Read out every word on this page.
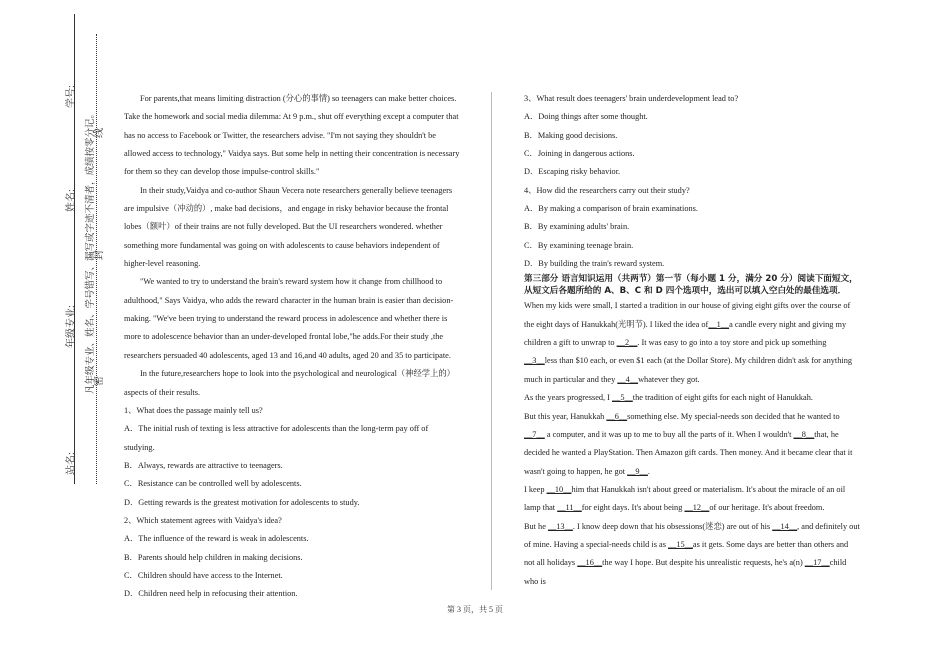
学号:
姓名:
年级专业:
站名:
凡年级专业、姓名、学号错写、漏写或字迹不清者，成绩按零分记。
密
封
线

For parents,that means limiting distraction (分心的事情) so teenagers can make better choices. Take the homework and social media dilemma: At 9 p.m., shut off everything except a computer that has no access to Facebook or Twitter, the researchers advise. "I'm not saying they shouldn't be allowed access to technology," Vaidya says. But some help in netting their concentration is necessary for them so they can develop those impulse-control skills."

In their study,Vaidya and co-author Shaun Vecera note researchers generally believe teenagers are impulsive（冲动的）, make bad decisions，and engage in risky behavior because the frontal lobes（额叶）of their trains are not fully developed. But the UI researchers wondered. whether something more fundamental was going on with adolescents to cause behaviors independent of higher-level reasoning.

"We wanted to try to understand the brain's reward system how it change from chillhood to adulthood," Says Vaidya, who adds the reward character in the human brain is easier than decision-making. "We've been trying to understand the reward process in adolescence and whether there is more to adolescence behavior than an under-developed frontal lobe,"he adds.For their study ,the researchers persuaded 40 adolescents, aged 13 and 16,and 40 adults, aged 20 and 35 to participate.

In the future,researchers hope to look into the psychological and neurological（神经学上的）aspects of their results.

1、What does the passage mainly tell us?

A．The initial rush of texting is less attractive for adolescents than the long-term pay off of studying.

B．Always, rewards are attractive to teenagers.

C．Resistance can be controlled well by adolescents.

D．Getting rewards is the greatest motivation for adolescents to study.

2、Which statement agrees with Vaidya's idea?

A．The influence of the reward is weak in adolescents.

B．Parents should help children in making decisions.

C．Children should have access to the Internet.

D．Children need help in refocusing their attention.

3、What result does teenagers' brain underdevelopment lead to?

A．Doing things after some thought.

B．Making good decisions.

C．Joining in dangerous actions.

D．Escaping risky behavior.

4、How did the researchers carry out their study?

A．By making a comparison of brain examinations.

B．By examining adults' brain.

C．By examining teenage brain.

D．By building the train's reward system.

第三部分 语言知识运用（共两节）第一节（每小题 1 分，满分 20 分）阅读下面短文，从短文后各题所给的 A、B、C 和 D 四个选项中，选出可以填入空白处的最佳选项．

When my kids were small, I started a tradition in our house of giving eight gifts over the course of the eight days of Hanukkah(光明节). I liked the idea of__1__a candle every night and giving my children a gift to unwrap to __2__. It was easy to go into a toy store and pick up something __3__less than $10 each, or even $1 each (at the Dollar Store). My children didn't ask for anything much in particular and they __4__whatever they got.

As the years progressed, I __5__the tradition of eight gifts for each night of Hanukkah.

But this year, Hanukkah __6__something else. My special-needs son decided that he wanted to __7__ a computer, and it was up to me to buy all the parts of it. When I wouldn't __8__that, he decided he wanted a PlayStation. Then Amazon gift cards. Then money. And it became clear that it wasn't going to happen, he got __9__.

I keep __10__him that Hanukkah isn't about greed or materialism. It's about the miracle of an oil lamp that __11__for eight days. It's about being __12__of our heritage. It's about freedom.

But he __13__. I know deep down that his obsessions(迷恋) are out of his __14__, and definitely out of mine. Having a special-needs child is as __15__as it gets. Some days are better than others and not all holidays __16__the way I hope. But despite his unrealistic requests, he's a(n) __17__child who is

第 3 页，共 5 页
